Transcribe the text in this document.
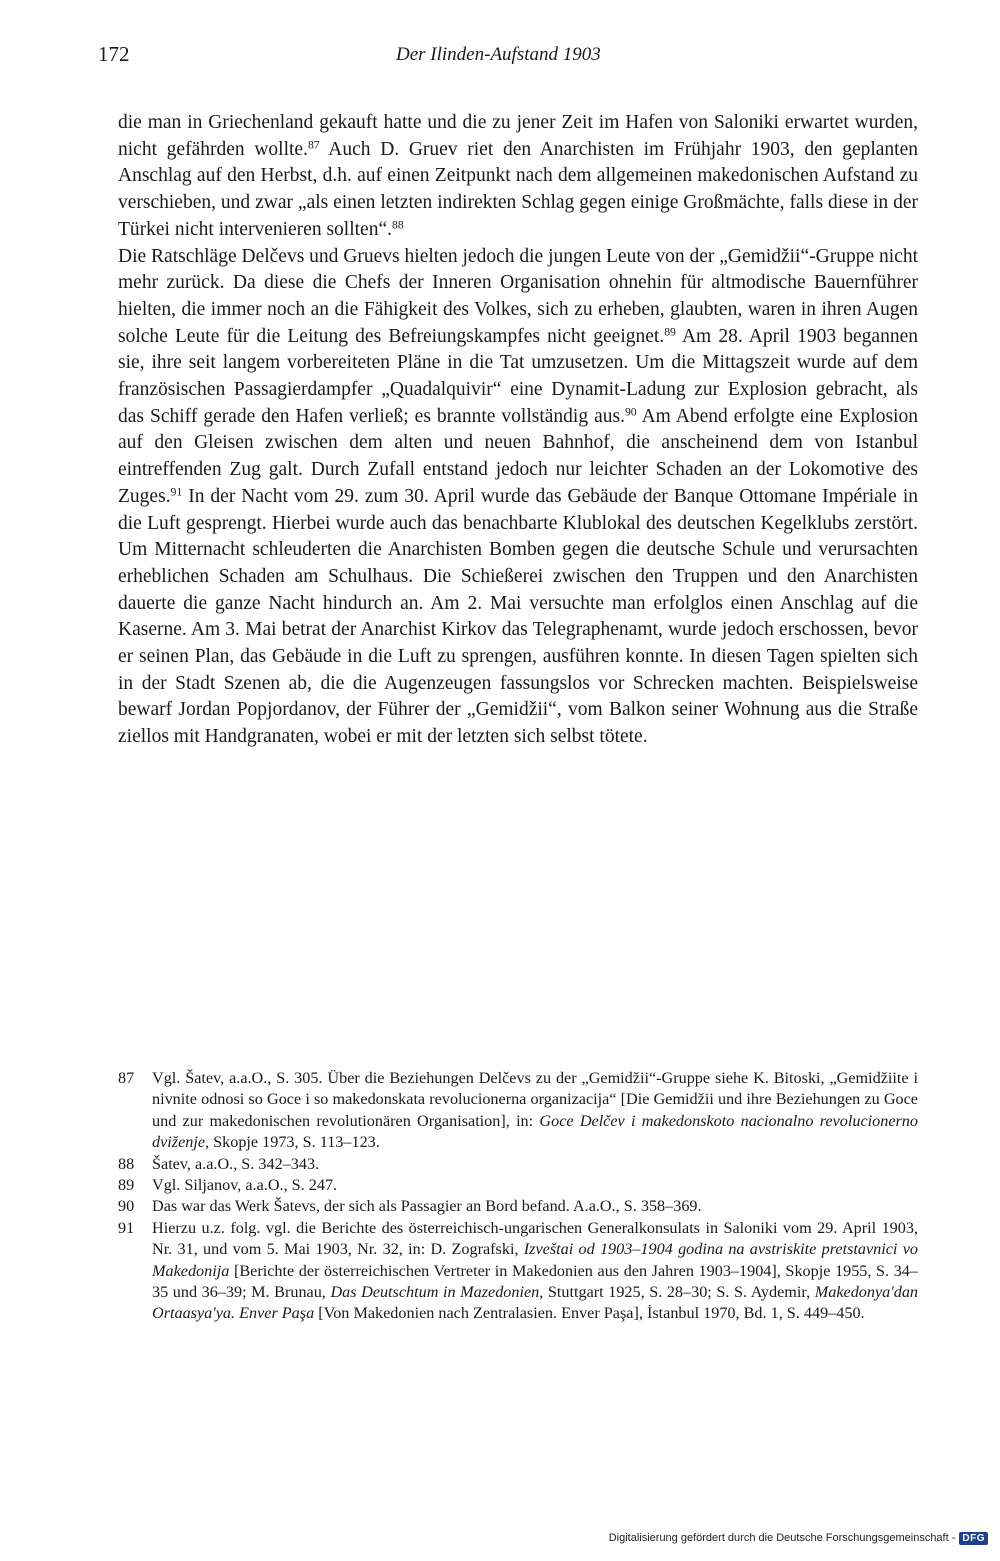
172	Der Ilinden-Aufstand 1903

die man in Griechenland gekauft hatte und die zu jener Zeit im Hafen von Saloniki erwartet wurden, nicht gefährden wollte.$^{87}$ Auch D. Gruev riet den Anarchisten im Frühjahr 1903, den geplanten Anschlag auf den Herbst, d.h. auf einen Zeitpunkt nach dem allgemeinen makedonischen Aufstand zu verschieben, und zwar „als einen letzten indirekten Schlag gegen einige Großmächte, falls diese in der Türkei nicht intervenieren sollten“.$^{88}$

Die Ratschläge Delčevs und Gruevs hielten jedoch die jungen Leute von der „Gemidžii“-Gruppe nicht mehr zurück. Da diese die Chefs der Inneren Organisation ohnehin für altmodische Bauernführer hielten, die immer noch an die Fähigkeit des Volkes, sich zu erheben, glaubten, waren in ihren Augen solche Leute für die Leitung des Befreiungskampfes nicht geeignet.$^{89}$ Am 28. April 1903 begannen sie, ihre seit langem vorbereiteten Pläne in die Tat umzusetzen. Um die Mittagszeit wurde auf dem französischen Passagierdampfer „Quadalquivir“ eine Dynamit-Ladung zur Explosion gebracht, als das Schiff gerade den Hafen verließ; es brannte vollständig aus.$^{90}$ Am Abend erfolgte eine Explosion auf den Gleisen zwischen dem alten und neuen Bahnhof, die anscheinend dem von Istanbul eintreffenden Zug galt. Durch Zufall entstand jedoch nur leichter Schaden an der Lokomotive des Zuges.$^{91}$ In der Nacht vom 29. zum 30. April wurde das Gebäude der Banque Ottomane Impériale in die Luft gesprengt. Hierbei wurde auch das benachbarte Klublokal des deutschen Kegelklubs zerstört. Um Mitternacht schleuderten die Anarchisten Bomben gegen die deutsche Schule und verursachten erheblichen Schaden am Schulhaus. Die Schießerei zwischen den Truppen und den Anarchisten dauerte die ganze Nacht hindurch an. Am 2. Mai versuchte man erfolglos einen Anschlag auf die Kaserne. Am 3. Mai betrat der Anarchist Kirkov das Telegraphenamt, wurde jedoch erschossen, bevor er seinen Plan, das Gebäude in die Luft zu sprengen, ausführen konnte. In diesen Tagen spielten sich in der Stadt Szenen ab, die die Augenzeugen fassungslos vor Schrecken machten. Beispielsweise bewarf Jordan Popjordanov, der Führer der „Gemidžii“, vom Balkon seiner Wohnung aus die Straße ziellos mit Handgranaten, wobei er mit der letzten sich selbst tötete.

87 Vgl. Šatev, a.a.O., S. 305. Über die Beziehungen Delčevs zu der „Gemidžii“-Gruppe siehe K. Bitoski, „Gemidžiite i nivnite odnosi so Goce i so makedonskata revolucionerna organizacija“ [Die Gemidžii und ihre Beziehungen zu Goce und zur makedonischen revolutionären Organisation], in: Goce Delčev i makedonskoto nacionalno revolucionerno dviženje, Skopje 1973, S. 113–123.
88 Šatev, a.a.O., S. 342–343.
89 Vgl. Siljanov, a.a.O., S. 247.
90 Das war das Werk Šatevs, der sich als Passagier an Bord befand. A.a.O., S. 358–369.
91 Hierzu u.z. folg. vgl. die Berichte des österreichisch-ungarischen Generalkonsulats in Saloniki vom 29. April 1903, Nr. 31, und vom 5. Mai 1903, Nr. 32, in: D. Zografski, Izveštai od 1903–1904 godina na avstriskite pretstavnici vo Makedonija [Berichte der österreichischen Vertreter in Makedonien aus den Jahren 1903–1904], Skopje 1955, S. 34–35 und 36–39; M. Brunau, Das Deutschtum in Mazedonien, Stuttgart 1925, S. 28–30; S. S. Aydemir, Makedonya'dan Ortaasya'ya. Enver Paşa [Von Makedonien nach Zentralasien. Enver Paşa], İstanbul 1970, Bd. 1, S. 449–450.
Digitalisierung gefördert durch die Deutsche Forschungsgemeinschaft - DFG
